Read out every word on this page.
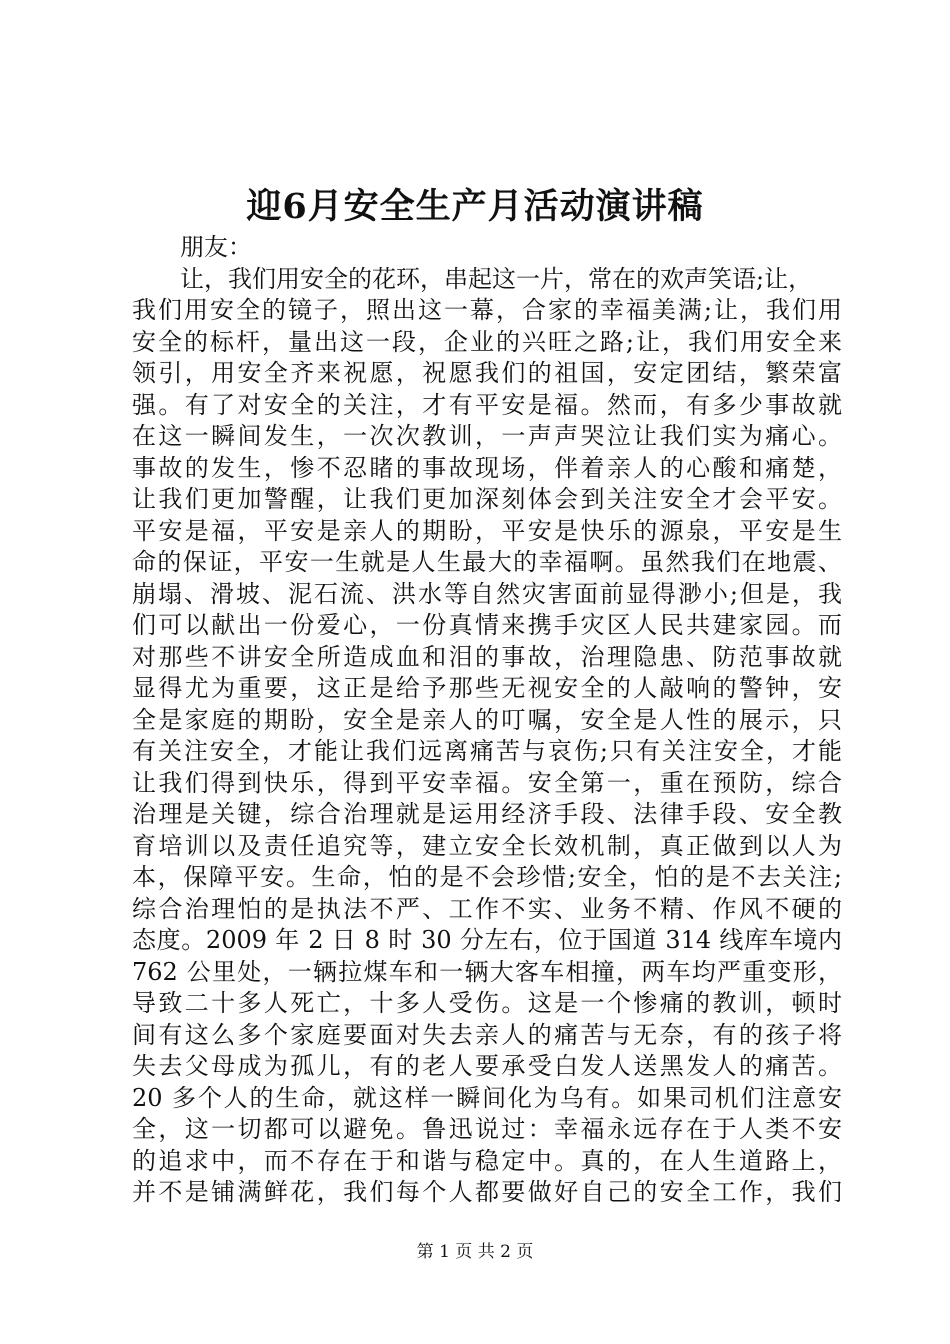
迎6月安全生产月活动演讲稿
朋友：
让，我们用安全的花环，串起这一片，常在的欢声笑语;让，
我们用安全的镜子，照出这一幕，合家的幸福美满;让，我们用
安全的标杆，量出这一段，企业的兴旺之路;让，我们用安全来
领引，用安全齐来祝愿，祝愿我们的祖国，安定团结，繁荣富
强。有了对安全的关注，才有平安是福。然而，有多少事故就
在这一瞬间发生，一次次教训，一声声哭泣让我们实为痛心。
事故的发生，惨不忍睹的事故现场，伴着亲人的心酸和痛楚，
让我们更加警醒，让我们更加深刻体会到关注安全才会平安。
平安是福，平安是亲人的期盼，平安是快乐的源泉，平安是生
命的保证，平安一生就是人生最大的幸福啊。虽然我们在地震、
崩塌、滑坡、泥石流、洪水等自然灾害面前显得渺小;但是，我
们可以献出一份爱心，一份真情来携手灾区人民共建家园。而
对那些不讲安全所造成血和泪的事故，治理隐患、防范事故就
显得尤为重要，这正是给予那些无视安全的人敲响的警钟，安
全是家庭的期盼，安全是亲人的叮嘱，安全是人性的展示，只
有关注安全，才能让我们远离痛苦与哀伤;只有关注安全，才能
让我们得到快乐，得到平安幸福。安全第一，重在预防，综合
治理是关键，综合治理就是运用经济手段、法律手段、安全教
育培训以及责任追究等，建立安全长效机制，真正做到以人为
本，保障平安。生命，怕的是不会珍惜;安全，怕的是不去关注;
综合治理怕的是执法不严、工作不实、业务不精、作风不硬的
态度。2009 年 2 日 8 时 30 分左右，位于国道 314 线库车境内
762 公里处，一辆拉煤车和一辆大客车相撞，两车均严重变形，
导致二十多人死亡，十多人受伤。这是一个惨痛的教训，顿时
间有这么多个家庭要面对失去亲人的痛苦与无奈，有的孩子将
失去父母成为孤儿，有的老人要承受白发人送黑发人的痛苦。
20 多个人的生命，就这样一瞬间化为乌有。如果司机们注意安
全，这一切都可以避免。鲁迅说过：幸福永远存在于人类不安
的追求中，而不存在于和谐与稳定中。真的，在人生道路上，
并不是铺满鲜花，我们每个人都要做好自己的安全工作，我们
第 1 页 共 2 页
